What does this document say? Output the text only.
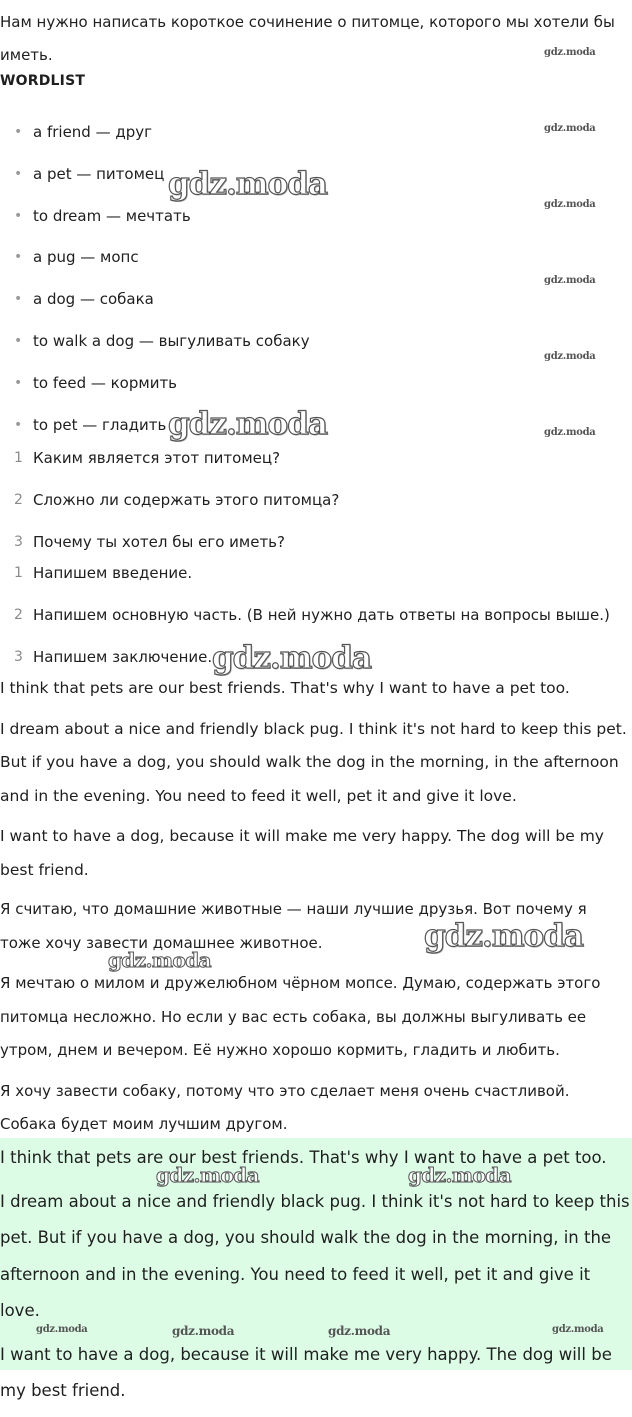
Нам нужно написать короткое сочинение о питомце, которого мы хотели бы иметь.

WORDLIST
• a friend — друг
• a pet — питомец
• to dream — мечтать
• a pug — мопс
• a dog — собака
• to walk a dog — выгуливать собаку
• to feed — кормить
• to pet — гладить
1 Каким является этот питомец?
2 Сложно ли содержать этого питомца?
3 Почему ты хотел бы его иметь?
1 Напишем введение.
2 Напишем основную часть. (В ней нужно дать ответы на вопросы выше.)
3 Напишем заключение.

I think that pets are our best friends. That's why I want to have a pet too.

I dream about a nice and friendly black pug. I think it's not hard to keep this pet. But if you have a dog, you should walk the dog in the morning, in the afternoon and in the evening. You need to feed it well, pet it and give it love.

I want to have a dog, because it will make me very happy. The dog will be my best friend.

Я считаю, что домашние животные — наши лучшие друзья. Вот почему я тоже хочу завести домашнее животное.

Я мечтаю о милом и дружелюбном чёрном мопсе. Думаю, содержать этого питомца несложно. Но если у вас есть собака, вы должны выгуливать ее утром, днем и вечером. Её нужно хорошо кормить, гладить и любить.

Я хочу завести собаку, потому что это сделает меня очень счастливой. Собака будет моим лучшим другом.

I think that pets are our best friends. That's why I want to have a pet too.

I dream about a nice and friendly black pug. I think it's not hard to keep this pet. But if you have a dog, you should walk the dog in the morning, in the afternoon and in the evening. You need to feed it well, pet it and give it love.

I want to have a dog, because it will make me very happy. The dog will be my best friend.

gdz.moda
gdz.moda
gdz.moda
gdz.moda
gdz.moda
gdz.moda
gdz.moda
gdz.moda
gdz.moda
gdz.moda
gdz.moda
gdz.moda	gdz.moda
gdz.moda	gdz.moda	gdz.moda	gdz.moda
